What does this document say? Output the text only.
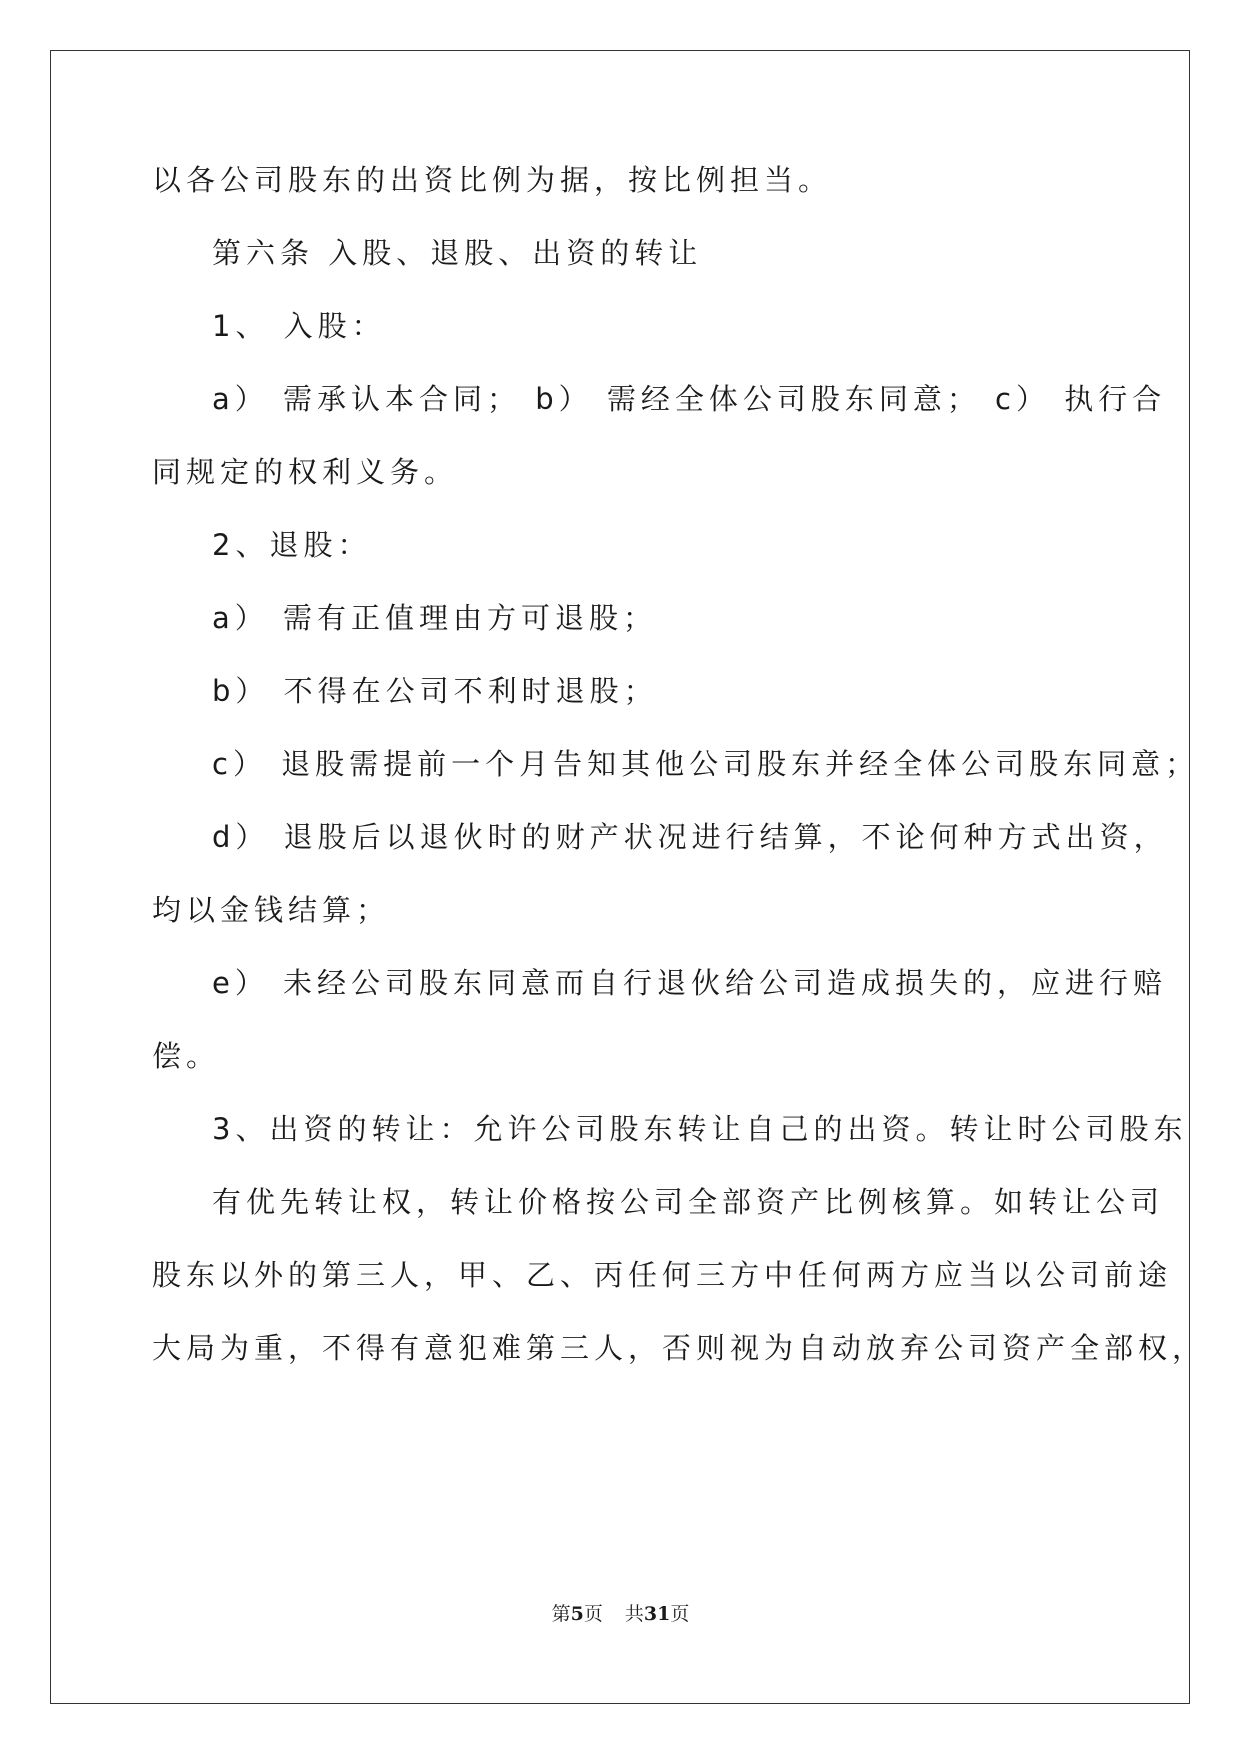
以各公司股东的出资比例为据，按比例担当。
第六条 入股、退股、出资的转让
1、 入股：
a） 需承认本合同； b） 需经全体公司股东同意； c） 执行合
同规定的权利义务。
2、退股：
a） 需有正值理由方可退股；
b） 不得在公司不利时退股；
c） 退股需提前一个月告知其他公司股东并经全体公司股东同意；
d） 退股后以退伙时的财产状况进行结算，不论何种方式出资，
均以金钱结算；
e） 未经公司股东同意而自行退伙给公司造成损失的，应进行赔
偿。
3、出资的转让：允许公司股东转让自己的出资。转让时公司股东
有优先转让权，转让价格按公司全部资产比例核算。如转让公司
股东以外的第三人，甲、乙、丙任何三方中任何两方应当以公司前途
大局为重，不得有意犯难第三人，否则视为自动放弃公司资产全部权，
第5页 共31页
